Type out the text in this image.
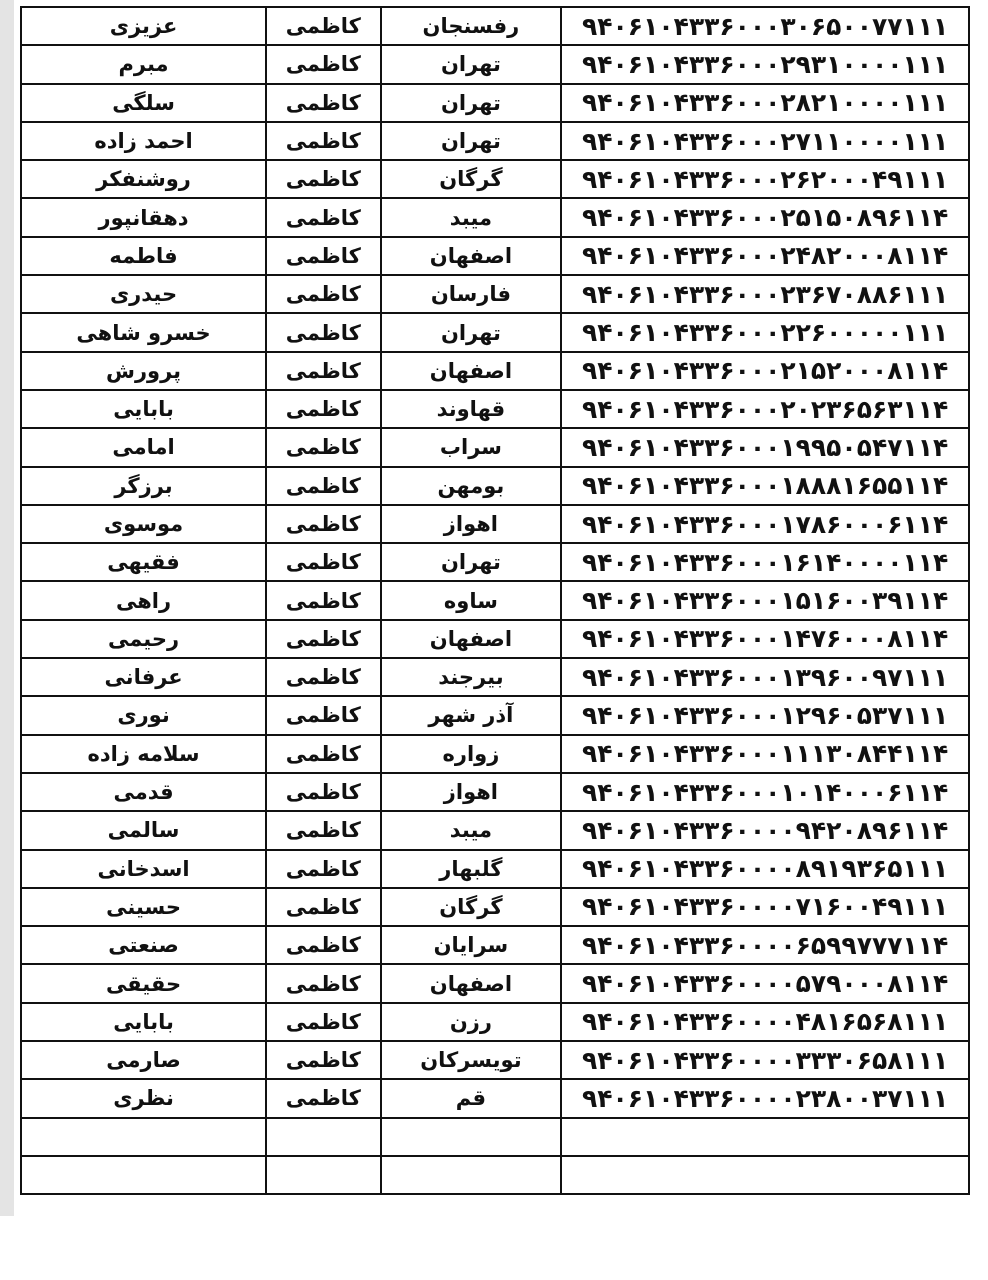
۹۴۰۶۱۰۴۳۳۶۰۰۰۳۰۶۵۰۰۷۷۱۱۱	رفسنجان	کاظمی	عزیزی
۹۴۰۶۱۰۴۳۳۶۰۰۰۲۹۳۱۰۰۰۰۱۱۱	تهران	کاظمی	مبرم
۹۴۰۶۱۰۴۳۳۶۰۰۰۲۸۲۱۰۰۰۰۱۱۱	تهران	کاظمی	سلگی
۹۴۰۶۱۰۴۳۳۶۰۰۰۲۷۱۱۰۰۰۰۱۱۱	تهران	کاظمی	احمد زاده
۹۴۰۶۱۰۴۳۳۶۰۰۰۲۶۲۰۰۰۴۹۱۱۱	گرگان	کاظمی	روشنفکر
۹۴۰۶۱۰۴۳۳۶۰۰۰۲۵۱۵۰۸۹۶۱۱۴	میبد	کاظمی	دهقانپور
۹۴۰۶۱۰۴۳۳۶۰۰۰۲۴۸۲۰۰۰۸۱۱۴	اصفهان	کاظمی	فاطمه
۹۴۰۶۱۰۴۳۳۶۰۰۰۲۳۶۷۰۸۸۶۱۱۱	فارسان	کاظمی	حیدری
۹۴۰۶۱۰۴۳۳۶۰۰۰۲۲۶۰۰۰۰۰۱۱۱	تهران	کاظمی	خسرو شاهی
۹۴۰۶۱۰۴۳۳۶۰۰۰۲۱۵۲۰۰۰۸۱۱۴	اصفهان	کاظمی	پرورش
۹۴۰۶۱۰۴۳۳۶۰۰۰۲۰۲۳۶۵۶۳۱۱۴	قهاوند	کاظمی	بابایی
۹۴۰۶۱۰۴۳۳۶۰۰۰۱۹۹۵۰۵۴۷۱۱۴	سراب	کاظمی	امامی
۹۴۰۶۱۰۴۳۳۶۰۰۰۱۸۸۸۱۶۵۵۱۱۴	بومهن	کاظمی	برزگر
۹۴۰۶۱۰۴۳۳۶۰۰۰۱۷۸۶۰۰۰۶۱۱۴	اهواز	کاظمی	موسوی
۹۴۰۶۱۰۴۳۳۶۰۰۰۱۶۱۴۰۰۰۰۱۱۴	تهران	کاظمی	فقیهی
۹۴۰۶۱۰۴۳۳۶۰۰۰۱۵۱۶۰۰۳۹۱۱۴	ساوه	کاظمی	راهی
۹۴۰۶۱۰۴۳۳۶۰۰۰۱۴۷۶۰۰۰۸۱۱۴	اصفهان	کاظمی	رحیمی
۹۴۰۶۱۰۴۳۳۶۰۰۰۱۳۹۶۰۰۹۷۱۱۱	بیرجند	کاظمی	عرفانی
۹۴۰۶۱۰۴۳۳۶۰۰۰۱۲۹۶۰۵۳۷۱۱۱	آذر شهر	کاظمی	نوری
۹۴۰۶۱۰۴۳۳۶۰۰۰۱۱۱۳۰۸۴۴۱۱۴	زواره	کاظمی	سلامه زاده
۹۴۰۶۱۰۴۳۳۶۰۰۰۱۰۱۴۰۰۰۶۱۱۴	اهواز	کاظمی	قدمی
۹۴۰۶۱۰۴۳۳۶۰۰۰۰۹۴۲۰۸۹۶۱۱۴	میبد	کاظمی	سالمی
۹۴۰۶۱۰۴۳۳۶۰۰۰۰۸۹۱۹۳۶۵۱۱۱	گلبهار	کاظمی	اسدخانی
۹۴۰۶۱۰۴۳۳۶۰۰۰۰۷۱۶۰۰۴۹۱۱۱	گرگان	کاظمی	حسینی
۹۴۰۶۱۰۴۳۳۶۰۰۰۰۶۵۹۹۷۷۷۱۱۴	سرایان	کاظمی	صنعتی
۹۴۰۶۱۰۴۳۳۶۰۰۰۰۵۷۹۰۰۰۸۱۱۴	اصفهان	کاظمی	حقیقی
۹۴۰۶۱۰۴۳۳۶۰۰۰۰۴۸۱۶۵۶۸۱۱۱	رزن	کاظمی	بابایی
۹۴۰۶۱۰۴۳۳۶۰۰۰۰۳۳۳۰۶۵۸۱۱۱	تویسرکان	کاظمی	صارمی
۹۴۰۶۱۰۴۳۳۶۰۰۰۰۲۳۸۰۰۳۷۱۱۱	قم	کاظمی	نظری
